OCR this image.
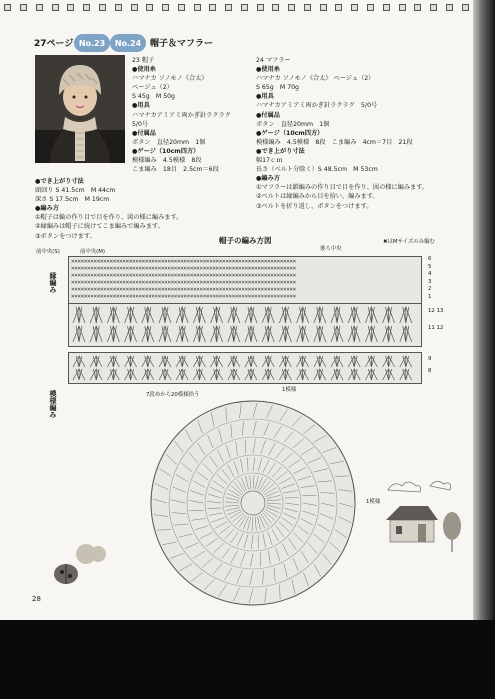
27ページ No.23	No.24 帽子＆マフラー
23 帽子
●使用糸
ハマナカ ソノモノ《合太》
ベージュ（2）
S 45g　M 50g
●用具
ハマナカアミアミ両かぎ針ラクラク
5/0号
●付属品
ボタン　直径20mm　1個
●ゲージ（10cm四方）
模様編み　4.5模様　8段
こま編み　18目　2.5cm＝6段
24 マフラー
●使用糸
ハマナカ ソノモノ《合太》 ベージュ（2）
S 65g　M 70g
●用具
ハマナカアミアミ両かぎ針ラクラク　5/0号
●付属品
ボタン　直径20mm　1個
●ゲージ（10cm四方）
模様編み　4.5模様　8段　こま編み　4cm＝7目　21段
●でき上がり寸法
幅17ｃｍ
長さ（ベルト分除く）S 48.5cm　M 53cm
●編み方
①マフラーは鎖編みの作り目で目を作り、図の様に編みます。
②ベルトは縁編みから目を拾い、編みます。
③ベルトを折り返し、ボタンをつけます。
●でき上がり寸法
頭回り S 41.5cm　M 44cm
深さ S 17.5cm　M 19cm
●編み方
①帽子は輪の作り目で目を作り、図の様に編みます。
②縁編みは帽子に続けてこま編みで編みます。
③ボタンをつけます。	帽子の編み方図
後ろ中央
✖はMサイズのみ編む
前中央(S)	前中央(M)
縁編み
模様編み
××××××××××××××××××××××××××××××××××××××××××××××××××××××××××××××××××××××
××××××××××××××××××××××××××××××××××××××××××××××××××××××××××××××××××××××
××××××××××××××××××××××××××××××××××××××××××××××××××××××××××××××××××××××
××××××××××××××××××××××××××××××××××××××××××××××××××××××××××××××××××××××
××××××××××××××××××××××××××××××××××××××××××××××××××××××××××××××××××××××
××××××××××××××××××××××××××××××××××××××××××××××××××××××××××××××××××××××
6
5
4
3
2
1
12 13
11 12
9
8
7段めから20模様拾う
1模様
1模様
28
